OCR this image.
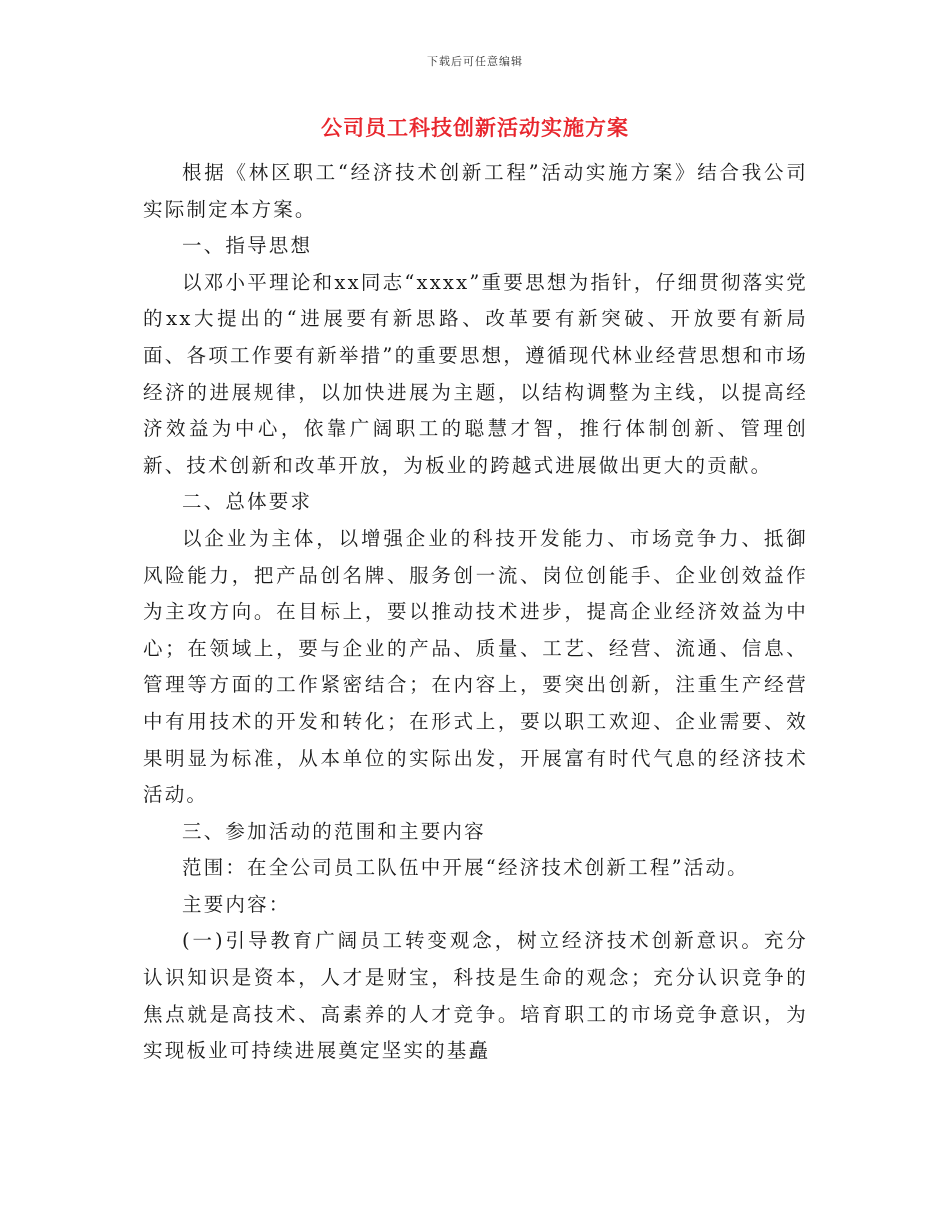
下载后可任意编辑
公司员工科技创新活动实施方案

根据《林区职工“经济技术创新工程”活动实施方案》结合我公司实际制定本方案。

一、指导思想

以邓小平理论和xx同志“xxxx”重要思想为指针，仔细贯彻落实党的xx大提出的“进展要有新思路、改革要有新突破、开放要有新局面、各项工作要有新举措”的重要思想，遵循现代林业经营思想和市场经济的进展规律，以加快进展为主题，以结构调整为主线，以提高经济效益为中心，依靠广阔职工的聪慧才智，推行体制创新、管理创新、技术创新和改革开放，为板业的跨越式进展做出更大的贡献。

二、总体要求

以企业为主体，以增强企业的科技开发能力、市场竞争力、抵御风险能力，把产品创名牌、服务创一流、岗位创能手、企业创效益作为主攻方向。在目标上，要以推动技术进步，提高企业经济效益为中心；在领域上，要与企业的产品、质量、工艺、经营、流通、信息、管理等方面的工作紧密结合；在内容上，要突出创新，注重生产经营中有用技术的开发和转化；在形式上，要以职工欢迎、企业需要、效果明显为标准，从本单位的实际出发，开展富有时代气息的经济技术活动。

三、参加活动的范围和主要内容

范围：在全公司员工队伍中开展“经济技术创新工程”活动。

主要内容：

(一)引导教育广阔员工转变观念，树立经济技术创新意识。充分认识知识是资本，人才是财宝，科技是生命的观念；充分认识竞争的焦点就是高技术、高素养的人才竞争。培育职工的市场竞争意识，为实现板业可持续进展奠定坚实的基矗
